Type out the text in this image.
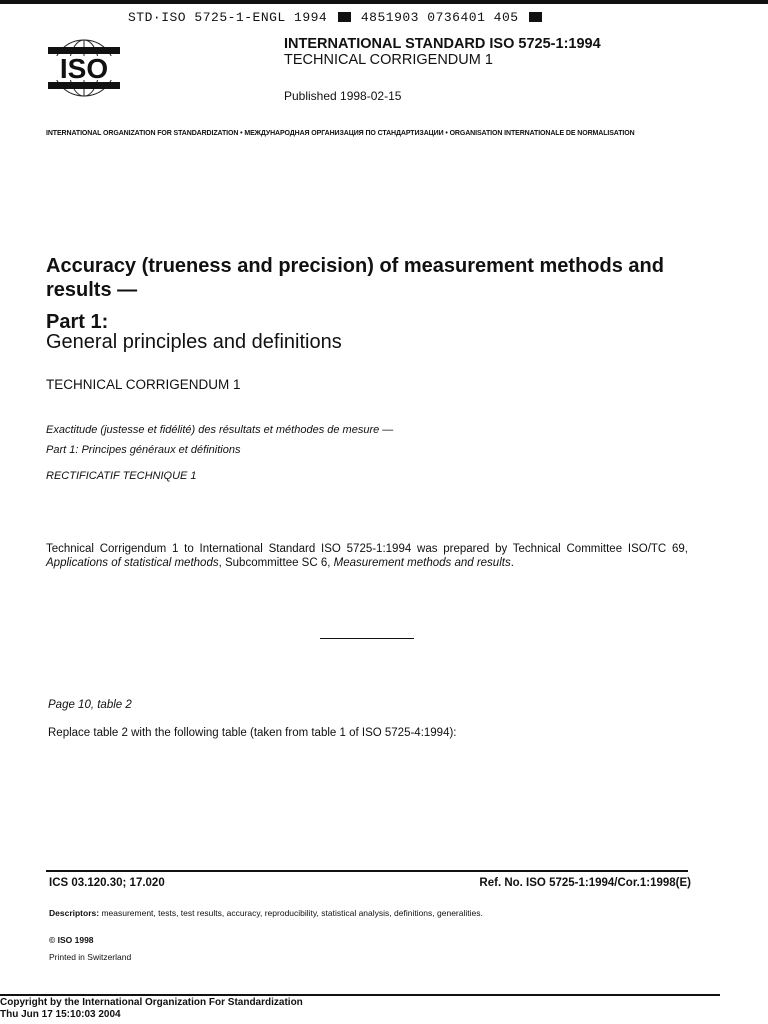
STD·ISO 5725-1-ENGL 1994	4851903 0736401 405
ISO
INTERNATIONAL STANDARD ISO 5725-1:1994
TECHNICAL CORRIGENDUM 1
Published 1998-02-15
INTERNATIONAL ORGANIZATION FOR STANDARDIZATION • МЕЖДУНАРОДНАЯ ОРГАНИЗАЦИЯ ПО СТАНДАРТИЗАЦИИ • ORGANISATION INTERNATIONALE DE NORMALISATION
Accuracy (trueness and precision) of measurement methods and results —
Part 1:
General principles and definitions
TECHNICAL CORRIGENDUM 1
Exactitude (justesse et fidélité) des résultats et méthodes de mesure —
Part 1: Principes généraux et définitions
RECTIFICATIF TECHNIQUE 1
Technical Corrigendum 1 to International Standard ISO 5725-1:1994 was prepared by Technical Committee ISO/TC 69, Applications of statistical methods, Subcommittee SC 6, Measurement methods and results.
Page 10, table 2
Replace table 2 with the following table (taken from table 1 of ISO 5725-4:1994):
ICS 03.120.30; 17.020	Ref. No. ISO 5725-1:1994/Cor.1:1998(E)
Descriptors: measurement, tests, test results, accuracy, reproducibility, statistical analysis, definitions, generalities.
© ISO 1998
Printed in Switzerland
Copyright by the International Organization For Standardization
Thu Jun 17 15:10:03 2004
